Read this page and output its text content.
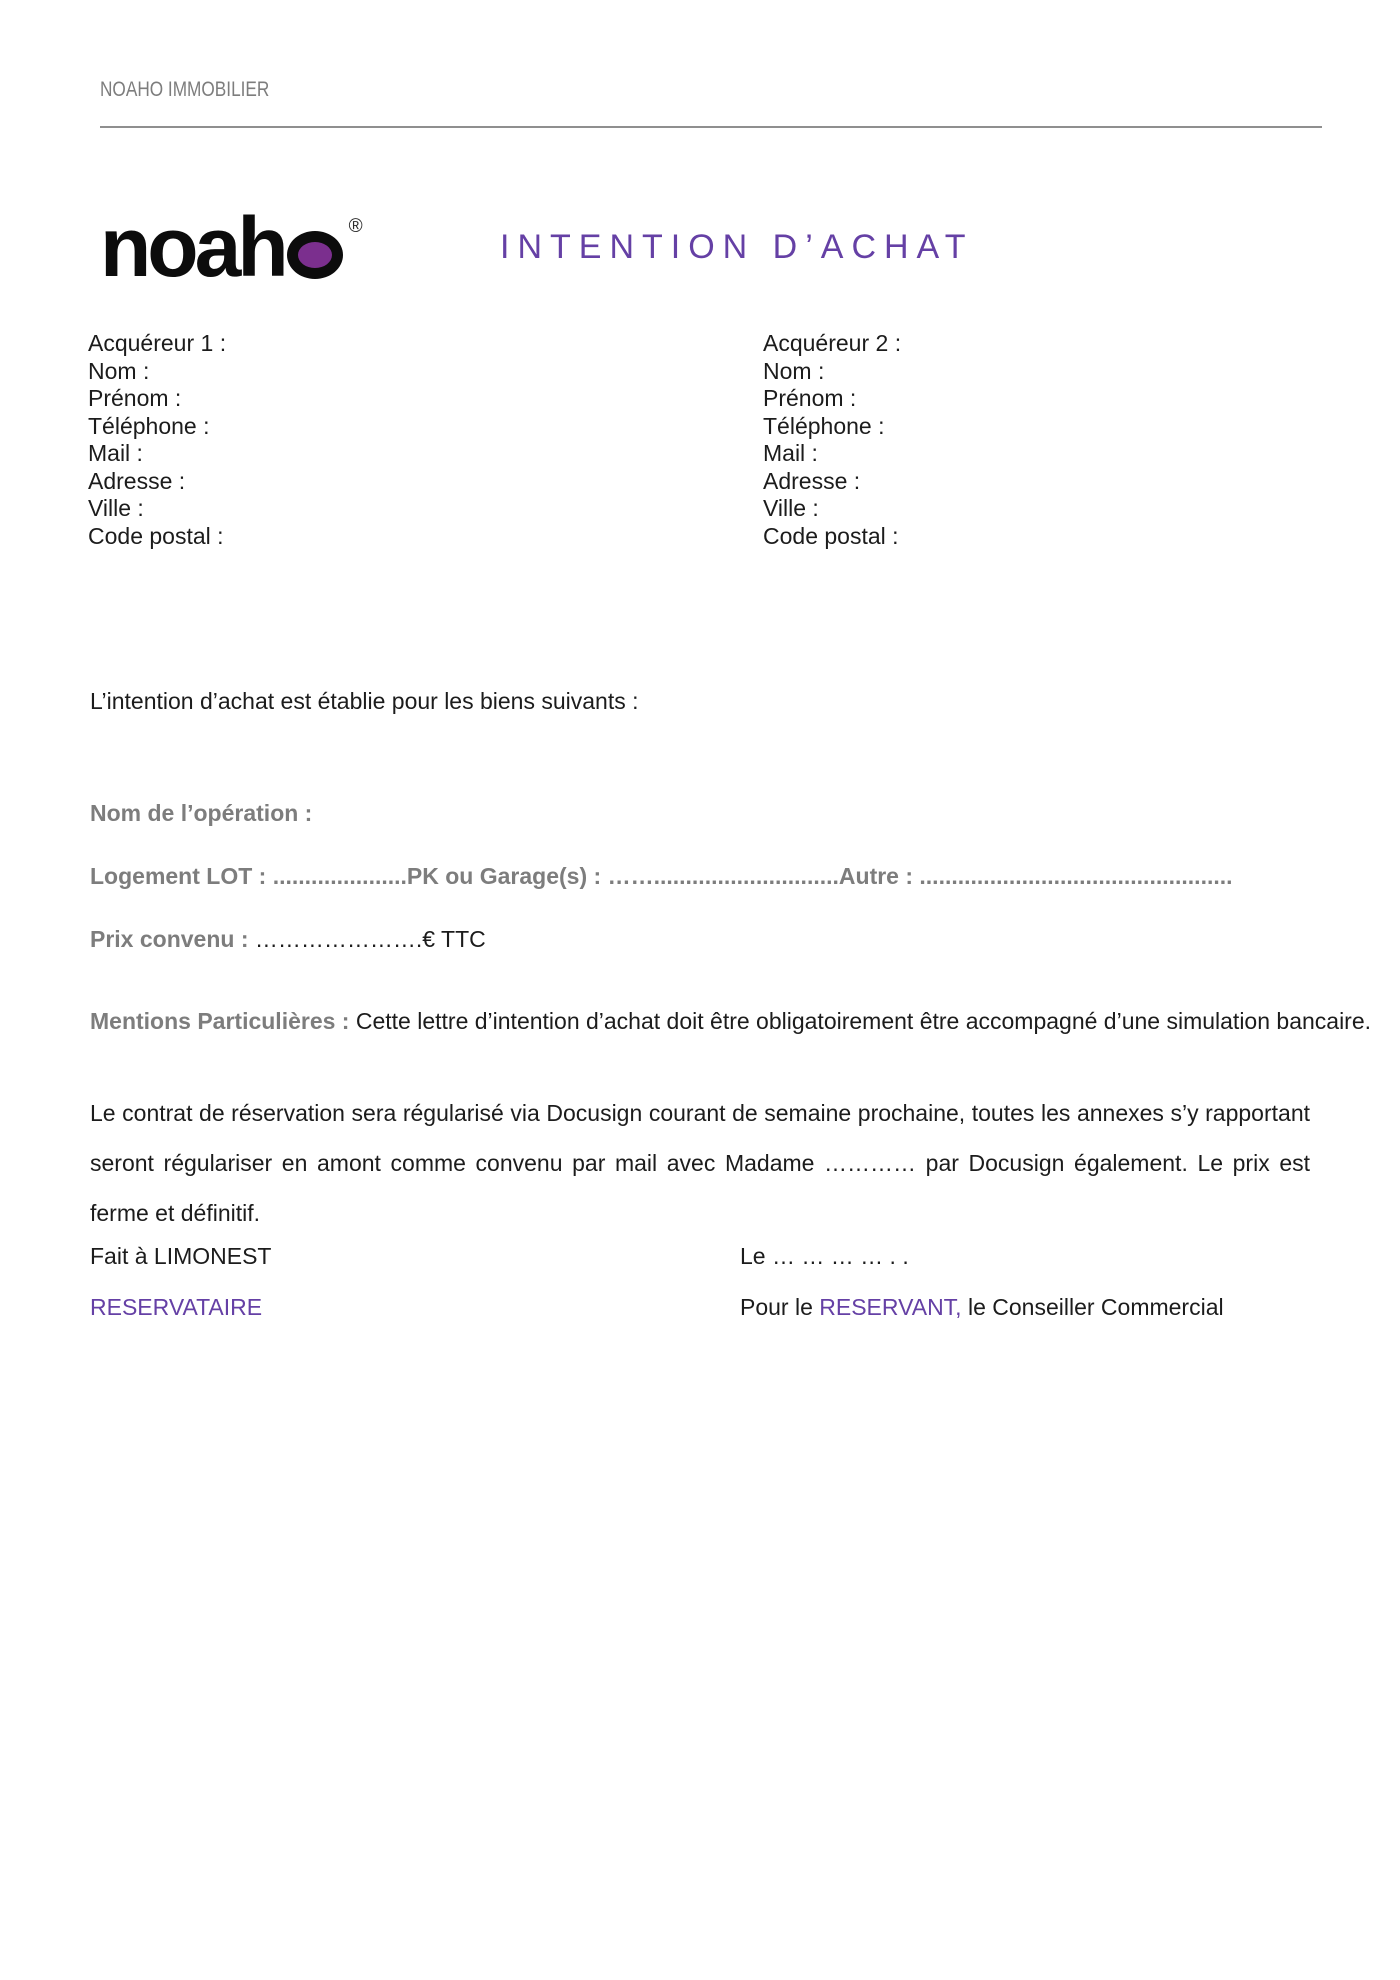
NOAHO IMMOBILIER
noah	®
INTENTION D’ACHAT
Acquéreur 1 :
Nom :
Prénom :
Téléphone :
Mail :
Adresse :
Ville :
Code postal :
Acquéreur 2 :
Nom :
Prénom :
Téléphone :
Mail :
Adresse :
Ville :
Code postal :
L’intention d’achat est établie pour les biens suivants :
Nom de l’opération :
Logement LOT : .....................PK ou Garage(s) : …….............................Autre : .................................................
Prix convenu : ………………….€ TTC
Mentions Particulières : Cette lettre d’intention d’achat doit être obligatoirement être accompagné d’une simulation bancaire.
Le contrat de réservation sera régularisé via Docusign courant de semaine prochaine, toutes les annexes s’y rapportant seront régulariser en amont comme convenu par mail avec Madame ………… par Docusign également. Le prix est ferme et définitif.
Fait à LIMONEST	Le … … … … . .
RESERVATAIRE	Pour le RESERVANT, le Conseiller Commercial
